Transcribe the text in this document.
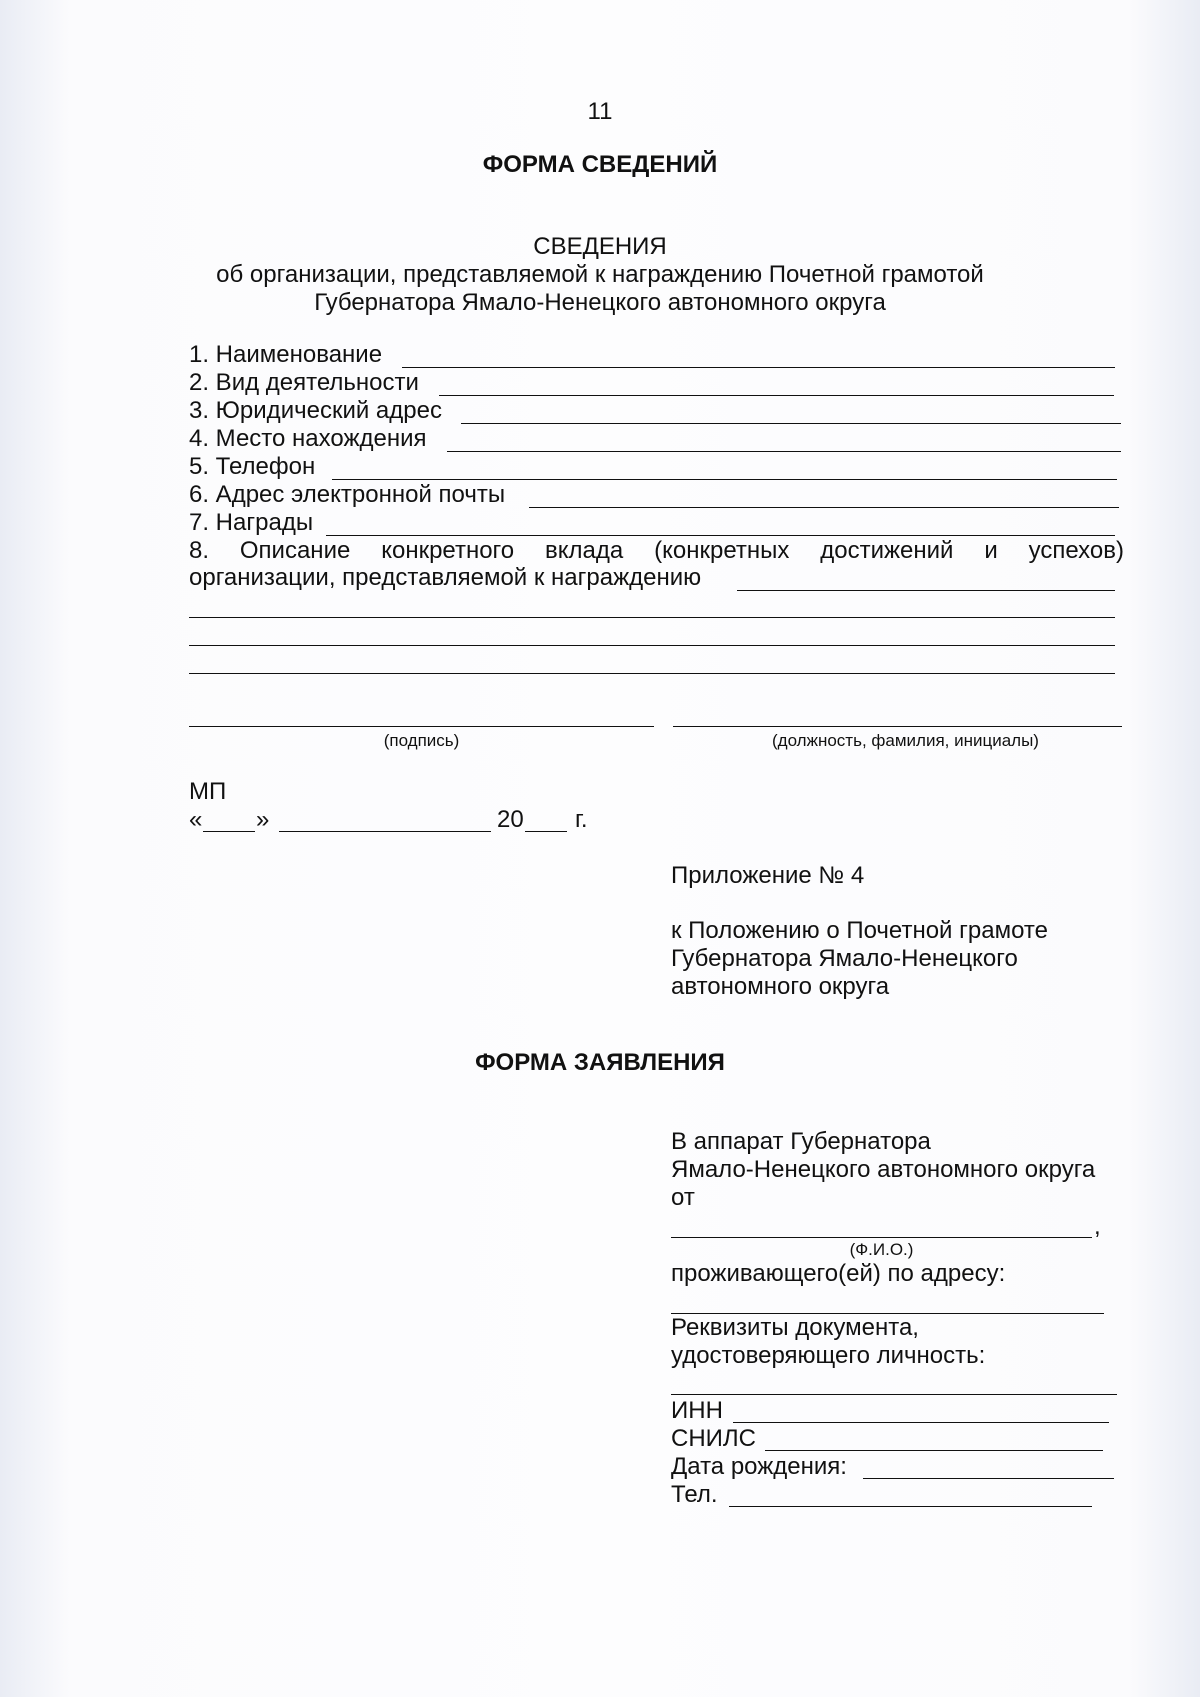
11
ФОРМА СВЕДЕНИЙ
СВЕДЕНИЯ
об организации, представляемой к награждению Почетной грамотой
Губернатора Ямало-Ненецкого автономного округа
1. Наименование
2. Вид деятельности
3. Юридический адрес
4. Место нахождения
5. Телефон
6. Адрес электронной почты
7. Награды
8. Описание конкретного вклада (конкретных достижений и успехов)
организации, представляемой к награждению
(подпись)	(должность, фамилия, инициалы)
МП
« »	20 г.
Приложение № 4
к Положению о Почетной грамоте
Губернатора Ямало-Ненецкого
автономного округа
ФОРМА ЗАЯВЛЕНИЯ
В аппарат Губернатора
Ямало-Ненецкого автономного округа
от
,
(Ф.И.О.)
проживающего(ей) по адресу:
Реквизиты документа,
удостоверяющего личность:
ИНН
СНИЛС
Дата рождения:
Тел.
